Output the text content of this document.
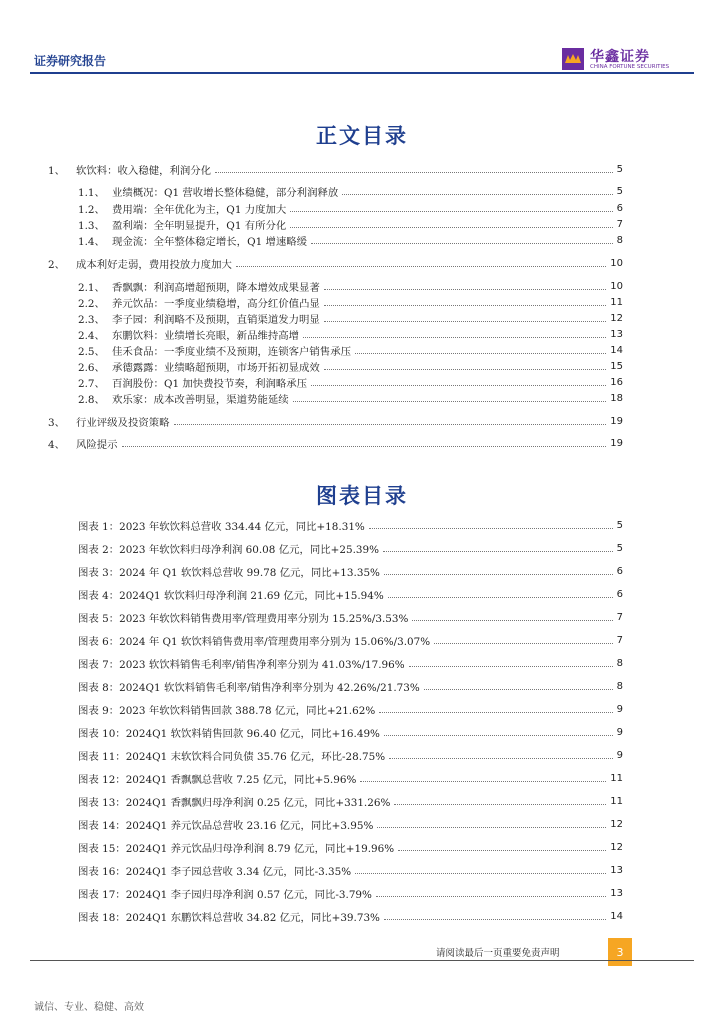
证券研究报告	华鑫证券
CHINA FORTUNE SECURITIES
正文目录
1、	软饮料：收入稳健，利润分化	5
1.1、 业绩概况：Q1 营收增长整体稳健，部分利润释放	5
1.2、 费用端：全年优化为主，Q1 力度加大	6
1.3、 盈利端：全年明显提升，Q1 有所分化	7
1.4、 现金流：全年整体稳定增长，Q1 增速略缓	8
2、	成本利好走弱，费用投放力度加大	10
2.1、 香飘飘：利润高增超预期，降本增效成果显著	10
2.2、 养元饮品：一季度业绩稳增，高分红价值凸显	11
2.3、 李子园：利润略不及预期，直销渠道发力明显	12
2.4、 东鹏饮料：业绩增长亮眼，新品维持高增	13
2.5、 佳禾食品：一季度业绩不及预期，连锁客户销售承压	14
2.6、 承德露露：业绩略超预期，市场开拓初显成效	15
2.7、 百润股份：Q1 加快费投节奏，利润略承压	16
2.8、 欢乐家：成本改善明显，渠道势能延续	18
3、	行业评级及投资策略	19
4、	风险提示	19
图表目录
图表 1：2023 年软饮料总营收 334.44 亿元，同比+18.31%	5
图表 2：2023 年软饮料归母净利润 60.08 亿元，同比+25.39%	5
图表 3：2024 年 Q1 软饮料总营收 99.78 亿元，同比+13.35%	6
图表 4：2024Q1 软饮料归母净利润 21.69 亿元，同比+15.94%	6
图表 5：2023 年软饮料销售费用率/管理费用率分别为 15.25%/3.53%	7
图表 6：2024 年 Q1 软饮料销售费用率/管理费用率分别为 15.06%/3.07%	7
图表 7：2023 软饮料销售毛利率/销售净利率分别为 41.03%/17.96%	8
图表 8：2024Q1 软饮料销售毛利率/销售净利率分别为 42.26%/21.73%	8
图表 9：2023 年软饮料销售回款 388.78 亿元，同比+21.62%	9
图表 10：2024Q1 软饮料销售回款 96.40 亿元，同比+16.49%	9
图表 11：2024Q1 末软饮料合同负债 35.76 亿元，环比-28.75%	9
图表 12：2024Q1 香飘飘总营收 7.25 亿元，同比+5.96%	11
图表 13：2024Q1 香飘飘归母净利润 0.25 亿元，同比+331.26%	11
图表 14：2024Q1 养元饮品总营收 23.16 亿元，同比+3.95%	12
图表 15：2024Q1 养元饮品归母净利润 8.79 亿元，同比+19.96%	12
图表 16：2024Q1 李子园总营收 3.34 亿元，同比-3.35%	13
图表 17：2024Q1 李子园归母净利润 0.57 亿元，同比-3.79%	13
图表 18：2024Q1 东鹏饮料总营收 34.82 亿元，同比+39.73%	14
请阅读最后一页重要免责声明	3
诚信、专业、稳健、高效
